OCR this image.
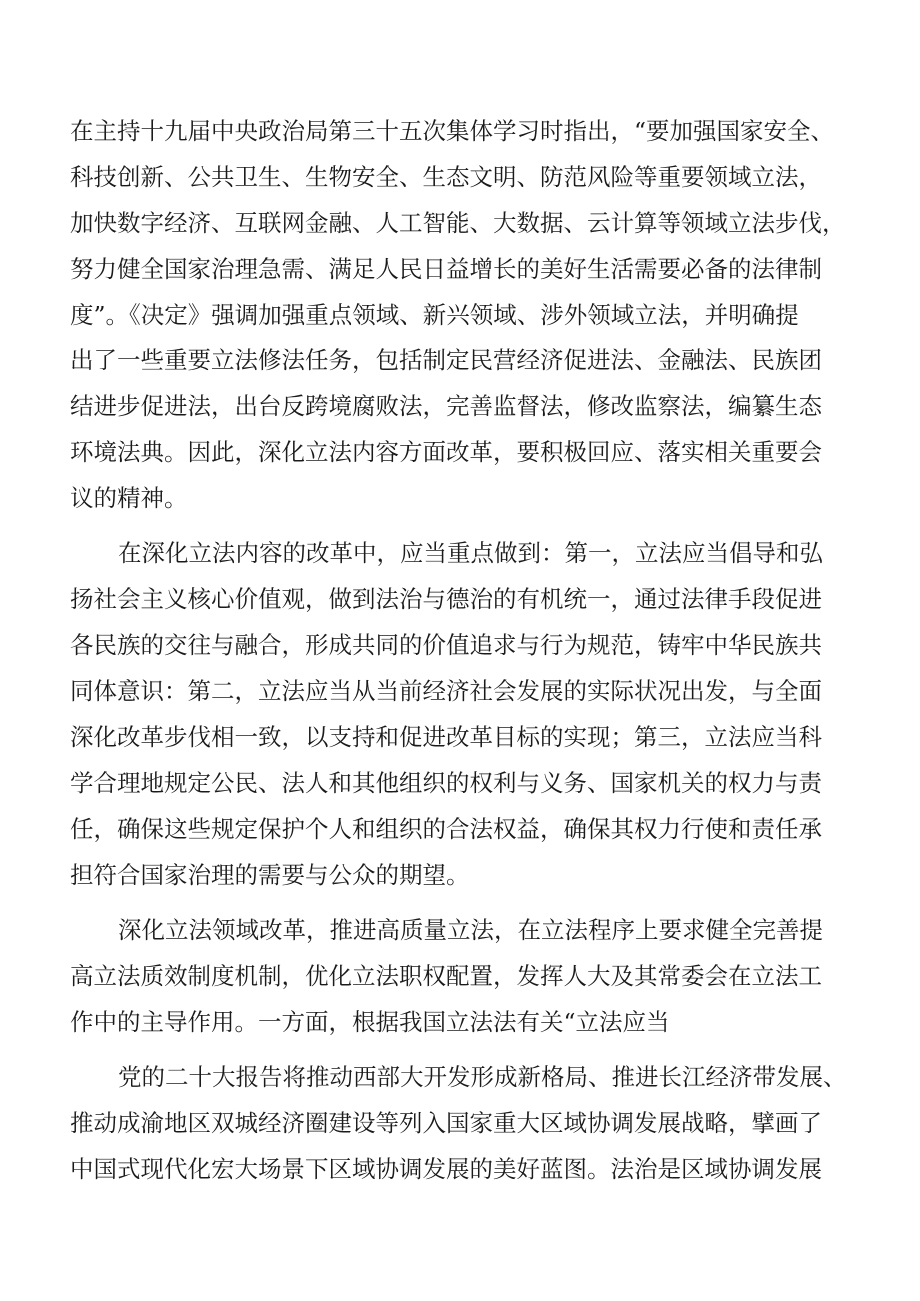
在主持十九届中央政治局第三十五次集体学习时指出，“要加强国家安全、
科技创新、公共卫生、生物安全、生态文明、防范风险等重要领域立法，
加快数字经济、互联网金融、人工智能、大数据、云计算等领域立法步伐，
努力健全国家治理急需、满足人民日益增长的美好生活需要必备的法律制
度”。《决定》强调加强重点领域、新兴领域、涉外领域立法，并明确提
出了一些重要立法修法任务，包括制定民营经济促进法、金融法、民族团
结进步促进法，出台反跨境腐败法，完善监督法，修改监察法，编纂生态
环境法典。因此，深化立法内容方面改革，要积极回应、落实相关重要会
议的精神。
在深化立法内容的改革中，应当重点做到：第一，立法应当倡导和弘
扬社会主义核心价值观，做到法治与德治的有机统一，通过法律手段促进
各民族的交往与融合，形成共同的价值追求与行为规范，铸牢中华民族共
同体意识：第二，立法应当从当前经济社会发展的实际状况出发，与全面
深化改革步伐相一致，以支持和促进改革目标的实现；第三，立法应当科
学合理地规定公民、法人和其他组织的权利与义务、国家机关的权力与责
任，确保这些规定保护个人和组织的合法权益，确保其权力行使和责任承
担符合国家治理的需要与公众的期望。
深化立法领域改革，推进高质量立法，在立法程序上要求健全完善提
高立法质效制度机制，优化立法职权配置，发挥人大及其常委会在立法工
作中的主导作用。一方面，根据我国立法法有关“立法应当
党的二十大报告将推动西部大开发形成新格局、推进长江经济带发展、
推动成渝地区双城经济圈建设等列入国家重大区域协调发展战略，擘画了
中国式现代化宏大场景下区域协调发展的美好蓝图。法治是区域协调发展
